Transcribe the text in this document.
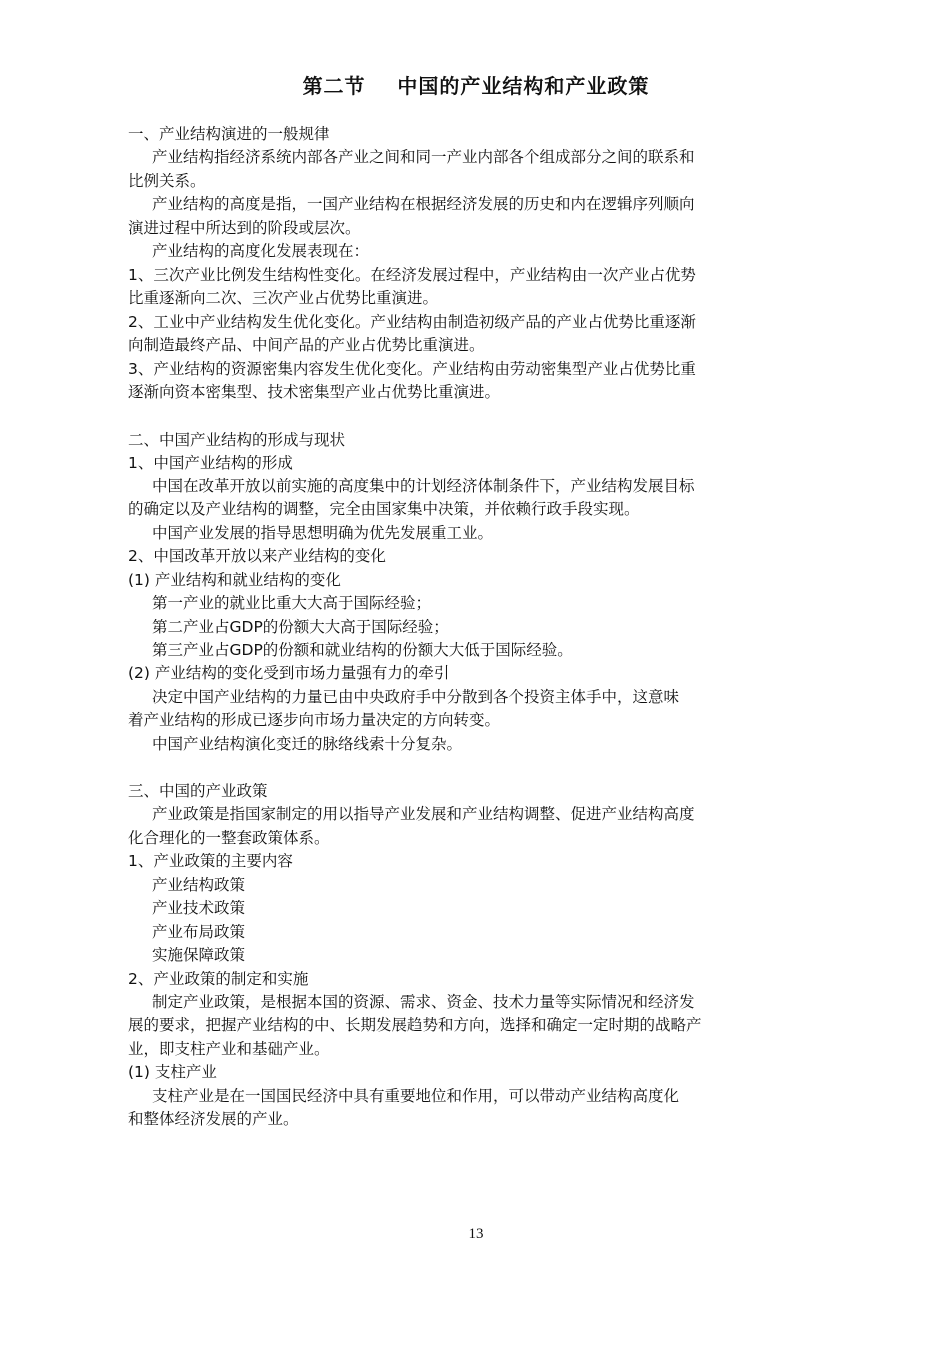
第二节    中国的产业结构和产业政策

一、产业结构演进的一般规律

产业结构指经济系统内部各产业之间和同一产业内部各个组成部分之间的联系和

比例关系。

产业结构的高度是指，一国产业结构在根据经济发展的历史和内在逻辑序列顺向

演进过程中所达到的阶段或层次。

产业结构的高度化发展表现在：

1、三次产业比例发生结构性变化。在经济发展过程中，产业结构由一次产业占优势

比重逐渐向二次、三次产业占优势比重演进。

2、工业中产业结构发生优化变化。产业结构由制造初级产品的产业占优势比重逐渐

向制造最终产品、中间产品的产业占优势比重演进。

3、产业结构的资源密集内容发生优化变化。产业结构由劳动密集型产业占优势比重

逐渐向资本密集型、技术密集型产业占优势比重演进。

二、中国产业结构的形成与现状

1、中国产业结构的形成

中国在改革开放以前实施的高度集中的计划经济体制条件下，产业结构发展目标

的确定以及产业结构的调整，完全由国家集中决策，并依赖行政手段实现。

中国产业发展的指导思想明确为优先发展重工业。

2、中国改革开放以来产业结构的变化

(1) 产业结构和就业结构的变化

第一产业的就业比重大大高于国际经验；

第二产业占GDP的份额大大高于国际经验；

第三产业占GDP的份额和就业结构的份额大大低于国际经验。

(2) 产业结构的变化受到市场力量强有力的牵引

决定中国产业结构的力量已由中央政府手中分散到各个投资主体手中，这意味

着产业结构的形成已逐步向市场力量决定的方向转变。

中国产业结构演化变迁的脉络线索十分复杂。

三、中国的产业政策

产业政策是指国家制定的用以指导产业发展和产业结构调整、促进产业结构高度

化合理化的一整套政策体系。

1、产业政策的主要内容

产业结构政策

产业技术政策

产业布局政策

实施保障政策

2、产业政策的制定和实施

制定产业政策，是根据本国的资源、需求、资金、技术力量等实际情况和经济发

展的要求，把握产业结构的中、长期发展趋势和方向，选择和确定一定时期的战略产

业，即支柱产业和基础产业。

(1) 支柱产业

支柱产业是在一国国民经济中具有重要地位和作用，可以带动产业结构高度化

和整体经济发展的产业。

13
